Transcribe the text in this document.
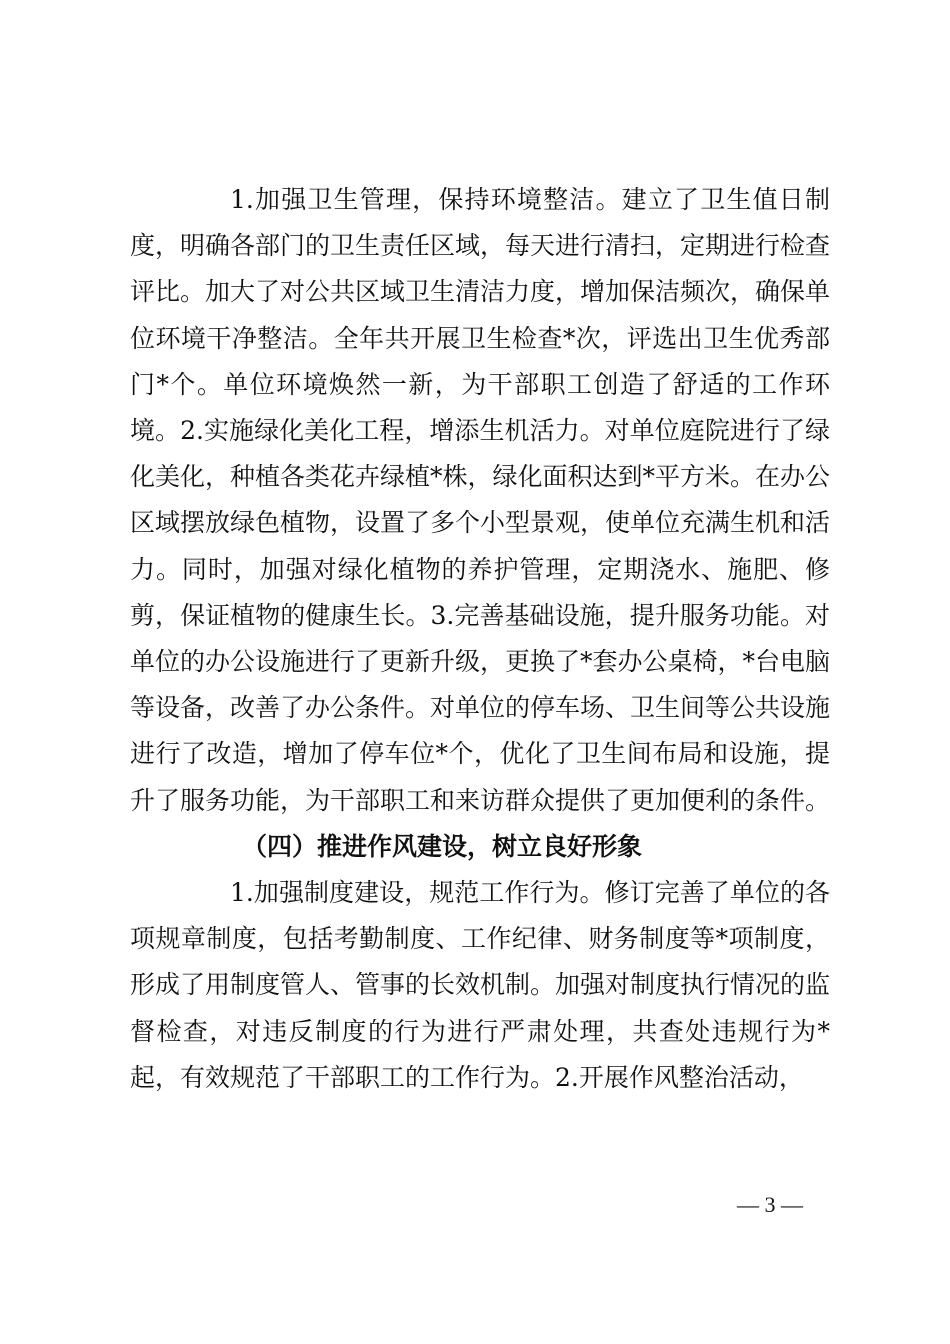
1.加强卫生管理，保持环境整洁。建立了卫生值日制度，明确各部门的卫生责任区域，每天进行清扫，定期进行检查评比。加大了对公共区域卫生清洁力度，增加保洁频次，确保单位环境干净整洁。全年共开展卫生检查*次，评选出卫生优秀部门*个。单位环境焕然一新，为干部职工创造了舒适的工作环境。2.实施绿化美化工程，增添生机活力。对单位庭院进行了绿化美化，种植各类花卉绿植*株，绿化面积达到*平方米。在办公区域摆放绿色植物，设置了多个小型景观，使单位充满生机和活力。同时，加强对绿化植物的养护管理，定期浇水、施肥、修剪，保证植物的健康生长。3.完善基础设施，提升服务功能。对单位的办公设施进行了更新升级，更换了*套办公桌椅，*台电脑等设备，改善了办公条件。对单位的停车场、卫生间等公共设施进行了改造，增加了停车位*个，优化了卫生间布局和设施，提升了服务功能，为干部职工和来访群众提供了更加便利的条件。

（四）推进作风建设，树立良好形象

1.加强制度建设，规范工作行为。修订完善了单位的各项规章制度，包括考勤制度、工作纪律、财务制度等*项制度，形成了用制度管人、管事的长效机制。加强对制度执行情况的监督检查，对违反制度的行为进行严肃处理，共查处违规行为*起，有效规范了干部职工的工作行为。2.开展作风整治活动，

— 3 —
